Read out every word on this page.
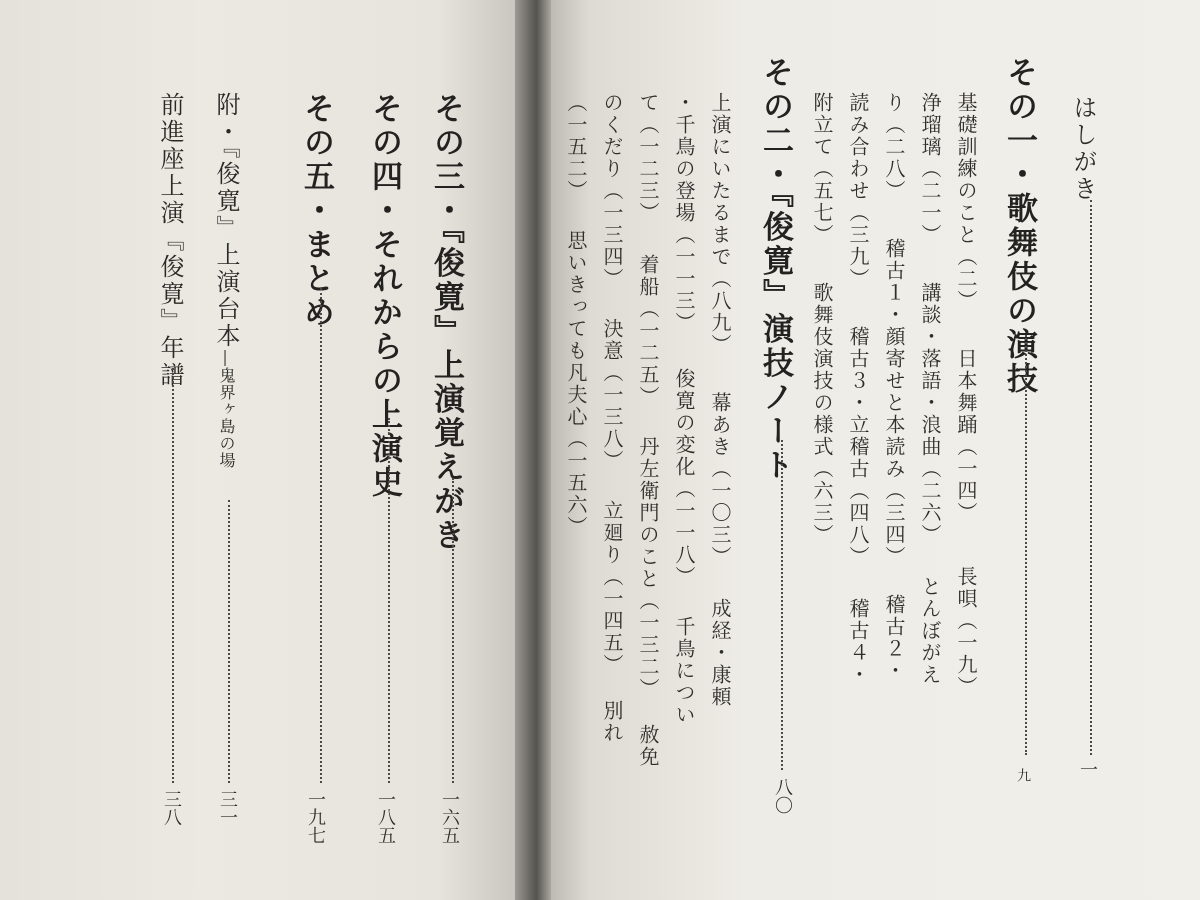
その三・『俊寛』上演覚えがき
一六五
その四・それからの上演史
一八五
その五・まとめ
一九七
附・『俊寛』上演台本―鬼界ヶ島の場
三一
前進座上演『俊寛』年譜
三八
はしがき
一
その一・歌舞伎の演技
九
基礎訓練のこと（二）日本舞踊（一四）長唄（一九）
浄瑠璃（二一）講談・落語・浪曲（二六）とんぼがえ
り（二八）稽古１・顔寄せと本読み（三四）稽古２・
読み合わせ（三九）稽古３・立稽古（四八）稽古４・
附立て（五七）歌舞伎演技の様式（六三）
その二・『俊寛』演技ノート
八〇
上演にいたるまで（八九）幕あき（一〇三）成経・康頼
・千鳥の登場（一一三）俊寛の変化（一一八）千鳥につい
て（一二三）着船（一二五）丹左衛門のこと（一三二）赦免
のくだり（一三四）決意（一三八）立廻り（一四五）別れ
（一五二）思いきっても凡夫心（一五六）
